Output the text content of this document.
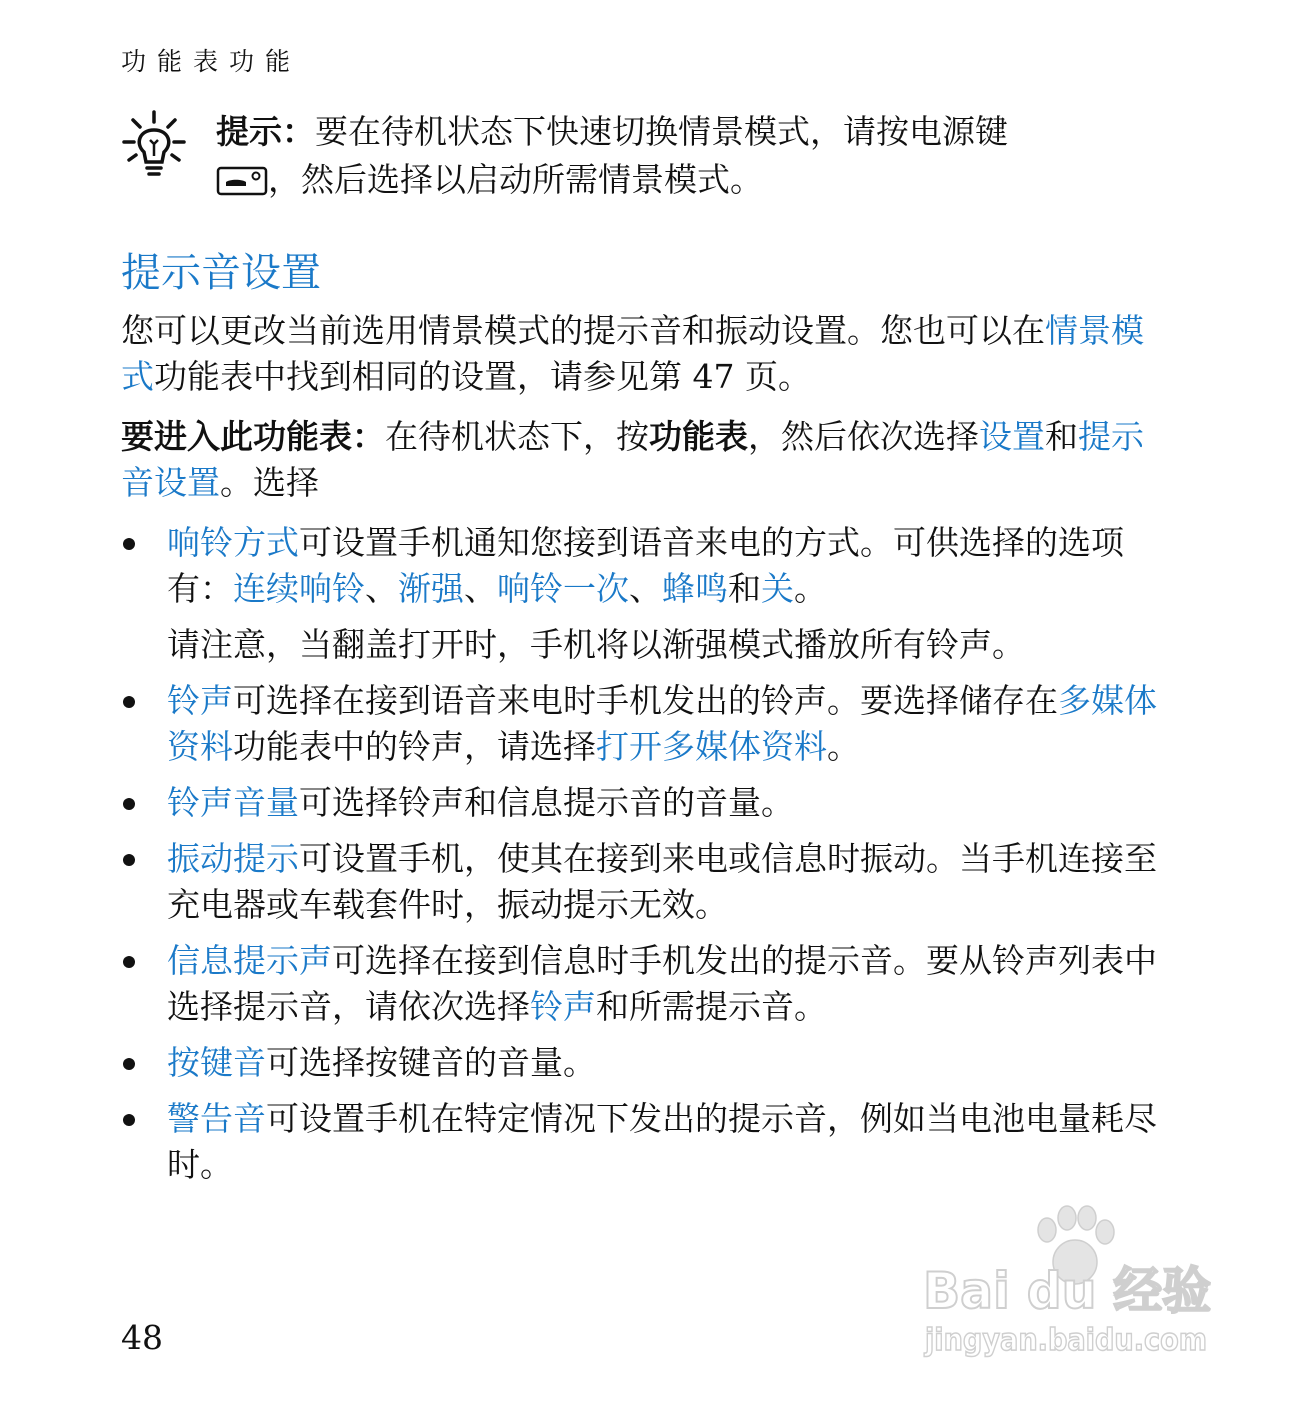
功能表功能
提示：要在待机状态下快速切换情景模式，请按电源键
，然后选择以启动所需情景模式。
提示音设置

您可以更改当前选用情景模式的提示音和振动设置。您也可以在情景模式功能表中找到相同的设置，请参见第 47 页。

要进入此功能表：在待机状态下，按功能表，然后依次选择设置和提示音设置。选择

响铃方式可设置手机通知您接到语音来电的方式。可供选择的选项有：连续响铃、渐强、响铃一次、蜂鸣和关。

请注意，当翻盖打开时，手机将以渐强模式播放所有铃声。

铃声可选择在接到语音来电时手机发出的铃声。要选择储存在多媒体资料功能表中的铃声，请选择打开多媒体资料。
铃声音量可选择铃声和信息提示音的音量。
振动提示可设置手机，使其在接到来电或信息时振动。当手机连接至充电器或车载套件时，振动提示无效。
信息提示声可选择在接到信息时手机发出的提示音。要从铃声列表中选择提示音，请依次选择铃声和所需提示音。
按键音可选择按键音的音量。
警告音可设置手机在特定情况下发出的提示音，例如当电池电量耗尽时。
48
Bai du 经验
jingyan.baidu.com
